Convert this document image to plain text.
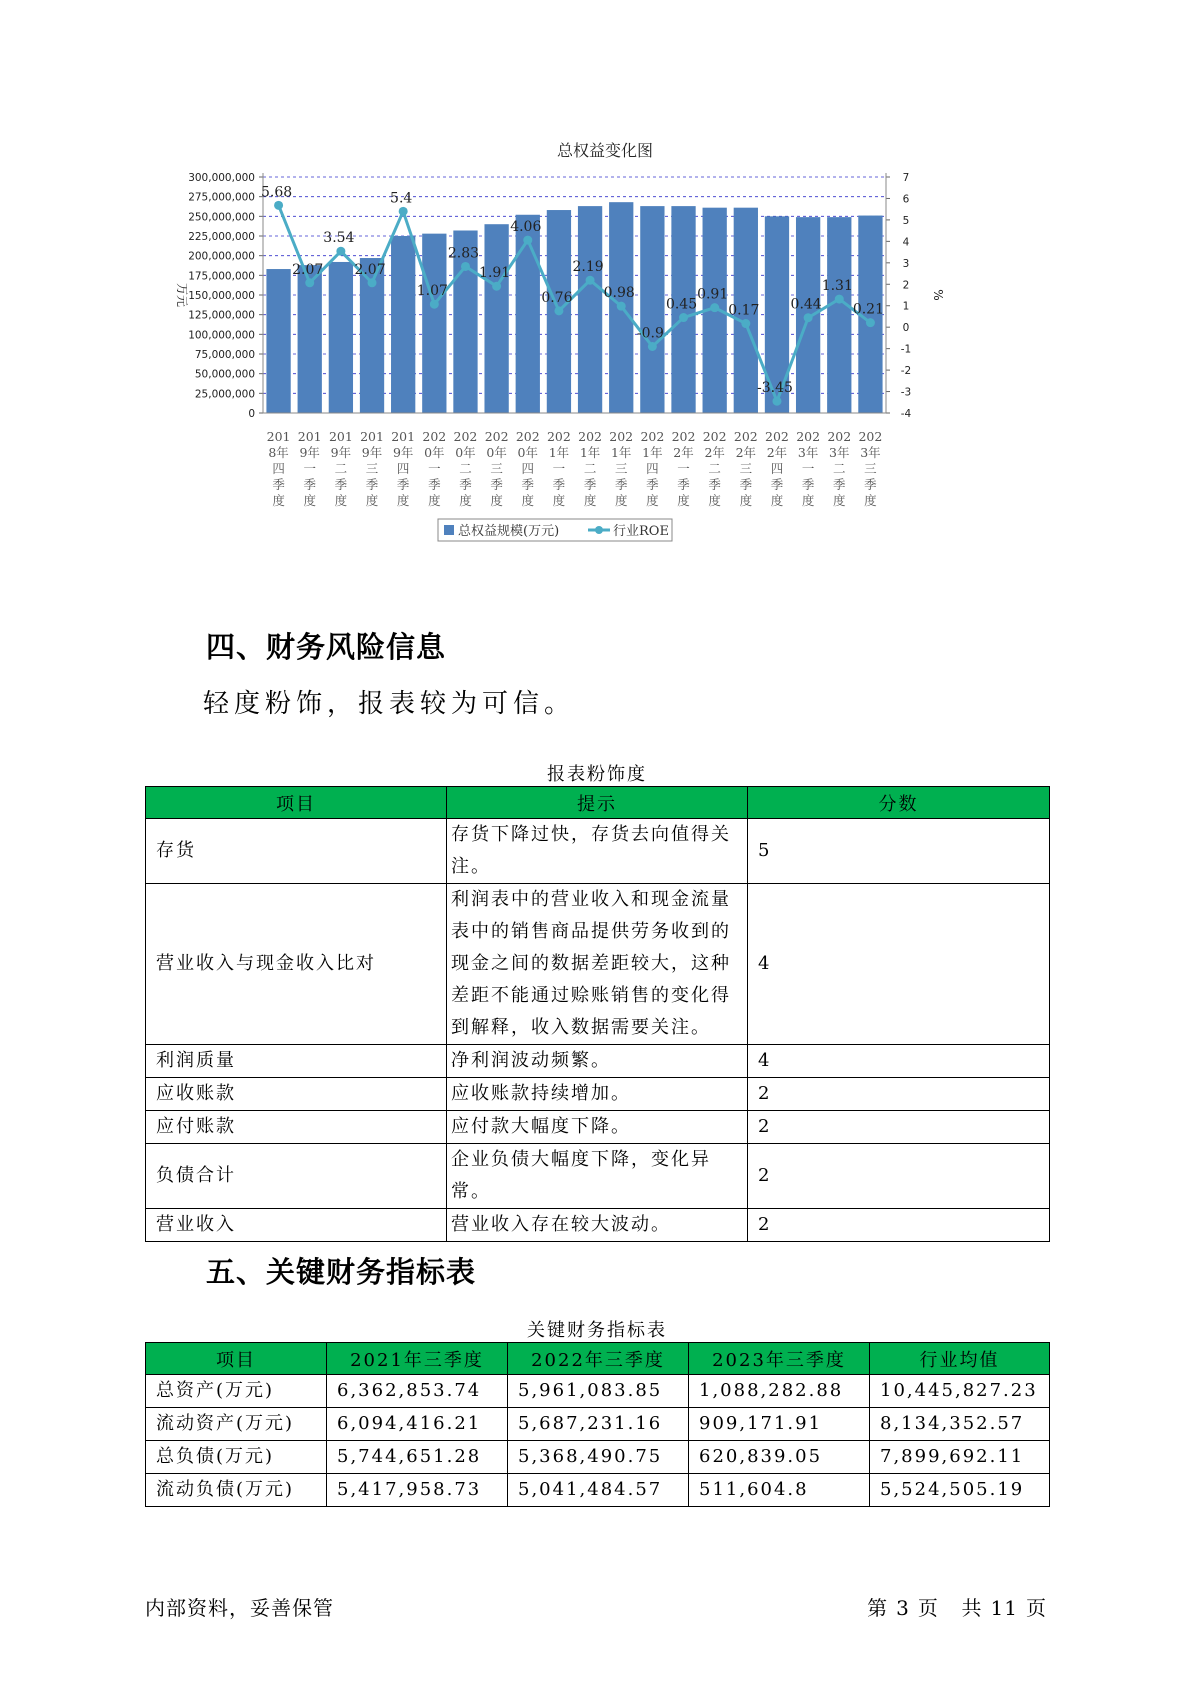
总权益变化图
300,000,000
275,000,000
250,000,000
225,000,000
200,000,000
175,000,000
150,000,000
125,000,000
100,000,000
75,000,000
50,000,000
25,000,000
0
7
6
5
4
3
2
1
0
-1
-2
-3
-4
万元	%
201
8年
四
季
度
201
9年
一
季
度
201
9年
二
季
度
201
9年
三
季
度
201
9年
四
季
度
202
0年
一
季
度
202
0年
二
季
度
202
0年
三
季
度
202
0年
四
季
度
202
1年
一
季
度
202
1年
二
季
度
202
1年
三
季
度
202
1年
四
季
度
202
2年
一
季
度
202
2年
二
季
度
202
2年
三
季
度
202
2年
四
季
度
202
3年
一
季
度
202
3年
二
季
度
202
3年
三
季
度
5.68
2.07
3.54
2.07
5.4
1.07
2.83
1.91
4.06
0.76
2.19
0.98
-0.9
0.45
0.91
0.17
-3.45
0.44
1.31
0.21
总权益规模(万元)	行业ROE
四、财务风险信息
轻度粉饰，报表较为可信。
报表粉饰度
项目	提示	分数
存货	存货下降过快，存货去向值得关注。	5
营业收入与现金收入比对	利润表中的营业收入和现金流量表中的销售商品提供劳务收到的现金之间的数据差距较大，这种差距不能通过赊账销售的变化得到解释，收入数据需要关注。	4
利润质量	净利润波动频繁。	4
应收账款	应收账款持续增加。	2
应付账款	应付款大幅度下降。	2
负债合计	企业负债大幅度下降，变化异常。	2
营业收入	营业收入存在较大波动。	2
五、关键财务指标表
关键财务指标表
项目	2021年三季度	2022年三季度	2023年三季度	行业均值
总资产(万元)	6,362,853.74	5,961,083.85	1,088,282.88	10,445,827.23
流动资产(万元)	6,094,416.21	5,687,231.16	909,171.91	8,134,352.57
总负债(万元)	5,744,651.28	5,368,490.75	620,839.05	7,899,692.11
流动负债(万元)	5,417,958.73	5,041,484.57	511,604.8	5,524,505.19
内部资料，妥善保管	第 3 页 共 11 页
